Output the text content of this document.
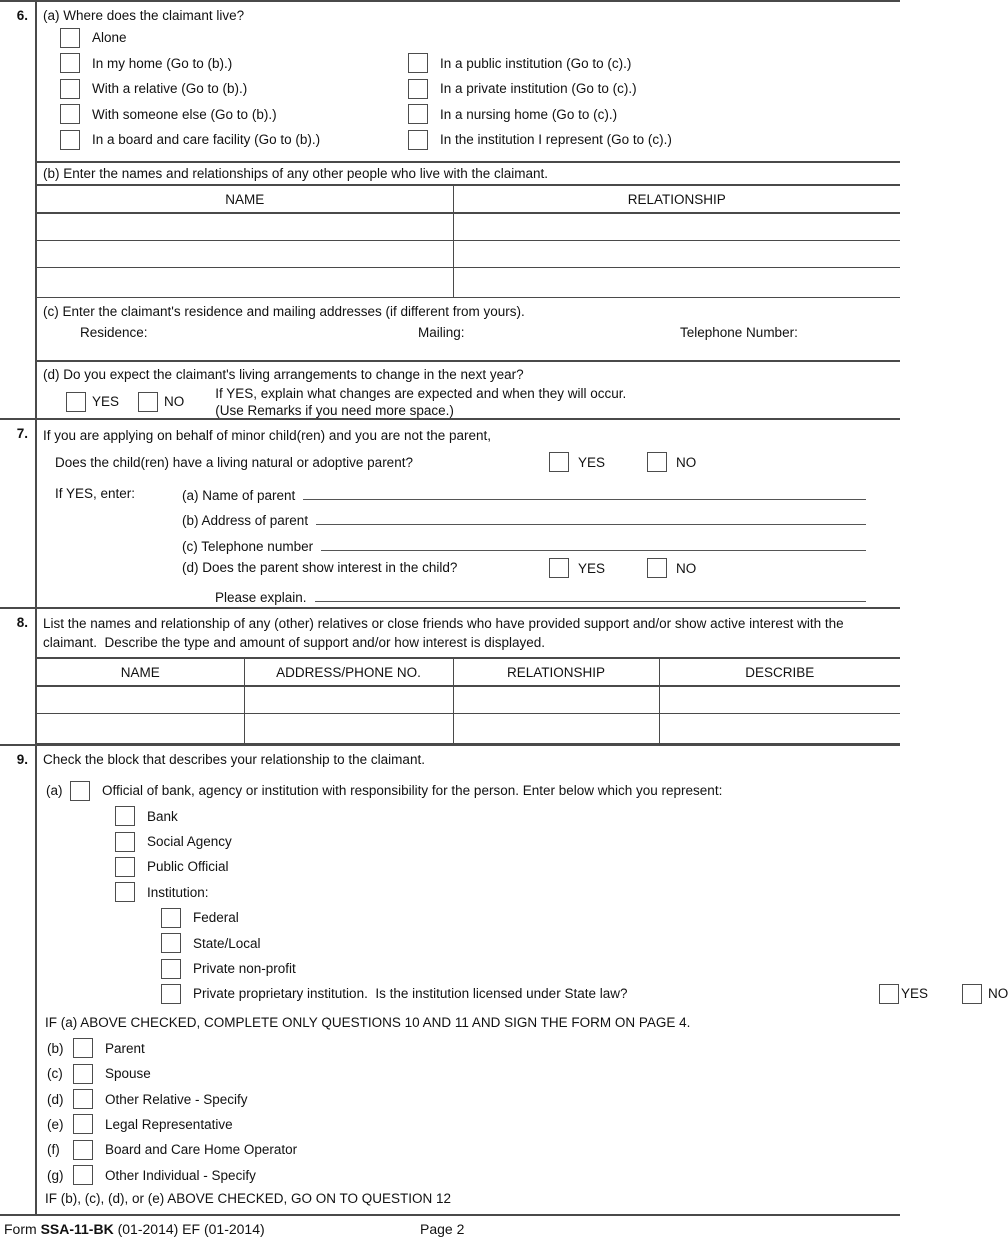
6.	(a) Where does the claimant live?
Alone
In my home (Go to (b).)
With a relative (Go to (b).)
With someone else (Go to (b).)
In a board and care facility (Go to (b).)
In a public institution (Go to (c).)
In a private institution (Go to (c).)
In a nursing home (Go to (c).)
In the institution I represent (Go to (c).)
(b) Enter the names and relationships of any other people who live with the claimant.
NAME	RELATIONSHIP

(c) Enter the claimant's residence and mailing addresses (if different from yours).
Residence:	Mailing:	Telephone Number:
(d) Do you expect the claimant's living arrangements to change in the next year?
YES	NO
If YES, explain what changes are expected and when they will occur.
(Use Remarks if you need more space.)
7.	If you are applying on behalf of minor child(ren) and you are not the parent,
Does the child(ren) have a living natural or adoptive parent?	YES	NO
If YES, enter:	(a) Name of parent
(b) Address of parent
(c) Telephone number
(d) Does the parent show interest in the child?	YES	NO
Please explain.
8.	List the names and relationship of any (other) relatives or close friends who have provided support and/or show active interest with the claimant.  Describe the type and amount of support and/or how interest is displayed.
NAME	ADDRESS/PHONE NO.	RELATIONSHIP	DESCRIBE

9.	Check the block that describes your relationship to the claimant.
(a)	Official of bank, agency or institution with responsibility for the person. Enter below which you represent:
Bank
Social Agency
Public Official
Institution:
Federal
State/Local
Private non-profit
Private proprietary institution.  Is the institution licensed under State law?	YES	NO
IF (a) ABOVE CHECKED, COMPLETE ONLY QUESTIONS 10 AND 11 AND SIGN THE FORM ON PAGE 4.
(b)	Parent
(c)	Spouse
(d)	Other Relative - Specify
(e)	Legal Representative
(f)	Board and Care Home Operator
(g)	Other Individual - Specify
IF (b), (c), (d), or (e) ABOVE CHECKED, GO ON TO QUESTION 12
Form SSA-11-BK (01-2014) EF (01-2014)	Page 2
